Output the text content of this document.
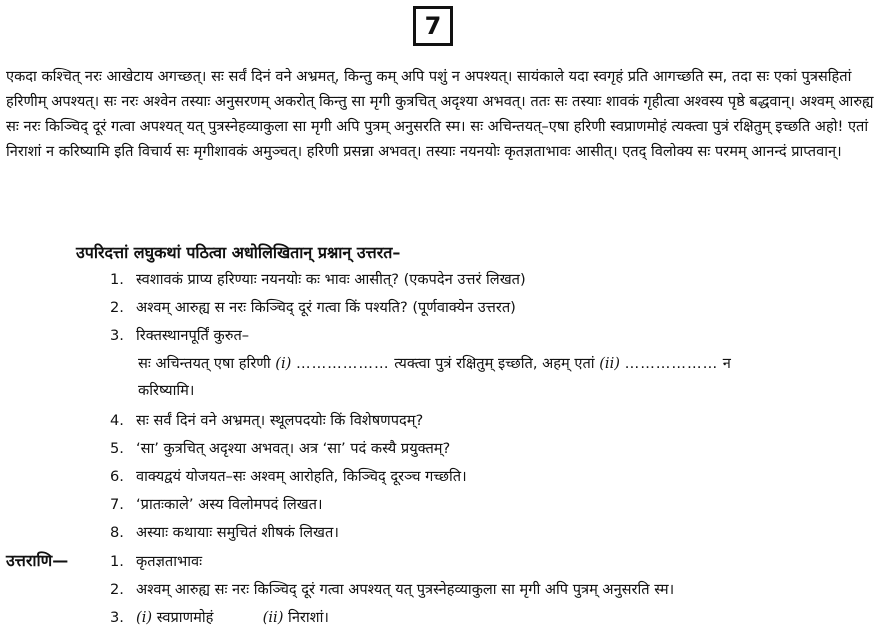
7

एकदा कश्चित् नरः आखेटाय अगच्छत्। सः सर्वं दिनं वने अभ्रमत्, किन्तु कम् अपि पशुं न अपश्यत्। सायंकाले यदा स्वगृहं प्रति आगच्छति स्म, तदा सः एकां पुत्रसहितां हरिणीम् अपश्यत्। सः नरः अश्वेन तस्याः अनुसरणम् अकरोत् किन्तु सा मृगी कुत्रचित् अदृश्या अभवत्। ततः सः तस्याः शावकं गृहीत्वा अश्वस्य पृष्ठे बद्धवान्। अश्वम् आरुह्य सः नरः किञ्चिद् दूरं गत्वा अपश्यत् यत् पुत्रस्नेहव्याकुला सा मृगी अपि पुत्रम् अनुसरति स्म। सः अचिन्तयत्–एषा हरिणी स्वप्राणमोहं त्यक्त्वा पुत्रं रक्षितुम् इच्छति अहो! एतां निराशां न करिष्यामि इति विचार्य सः मृगीशावकं अमुञ्चत्। हरिणी प्रसन्ना अभवत्। तस्याः नयनयोः कृतज्ञताभावः आसीत्। एतद् विलोक्य सः परमम् आनन्दं प्राप्तवान्।

उपरिदत्तां लघुकथां पठित्वा अधोलिखितान् प्रश्नान् उत्तरत–
1. स्वशावकं प्राप्य हरिण्याः नयनयोः कः भावः आसीत्? (एकपदेन उत्तरं लिखत)
2. अश्वम् आरुह्य स नरः किञ्चिद् दूरं गत्वा किं पश्यति? (पूर्णवाक्येन उत्तरत)
3. रिक्तस्थानपूर्तिं कुरुत–
सः अचिन्तयत् एषा हरिणी (i) ……………… त्यक्त्वा पुत्रं रक्षितुम् इच्छति, अहम् एतां (ii) ……………… न
करिष्यामि।
4. सः सर्वं दिनं वने अभ्रमत्। स्थूलपदयोः किं विशेषणपदम्?
5. ‘सा’ कुत्रचित् अदृश्या अभवत्। अत्र ‘सा’ पदं कस्यै प्रयुक्तम्?
6. वाक्यद्वयं योजयत–सः अश्वम् आरोहति, किञ्चिद् दूरञ्च गच्छति।
7. ‘प्रातःकाले’ अस्य विलोमपदं लिखत।
8. अस्याः कथायाः समुचितं शीषकं लिखत।
उत्तराणि—	1. कृतज्ञताभावः
2. अश्वम् आरुह्य सः नरः किञ्चिद् दूरं गत्वा अपश्यत् यत् पुत्रस्नेहव्याकुला सा मृगी अपि पुत्रम् अनुसरति स्म।
3. (i) स्वप्राणमोहं	(ii) निराशां।
